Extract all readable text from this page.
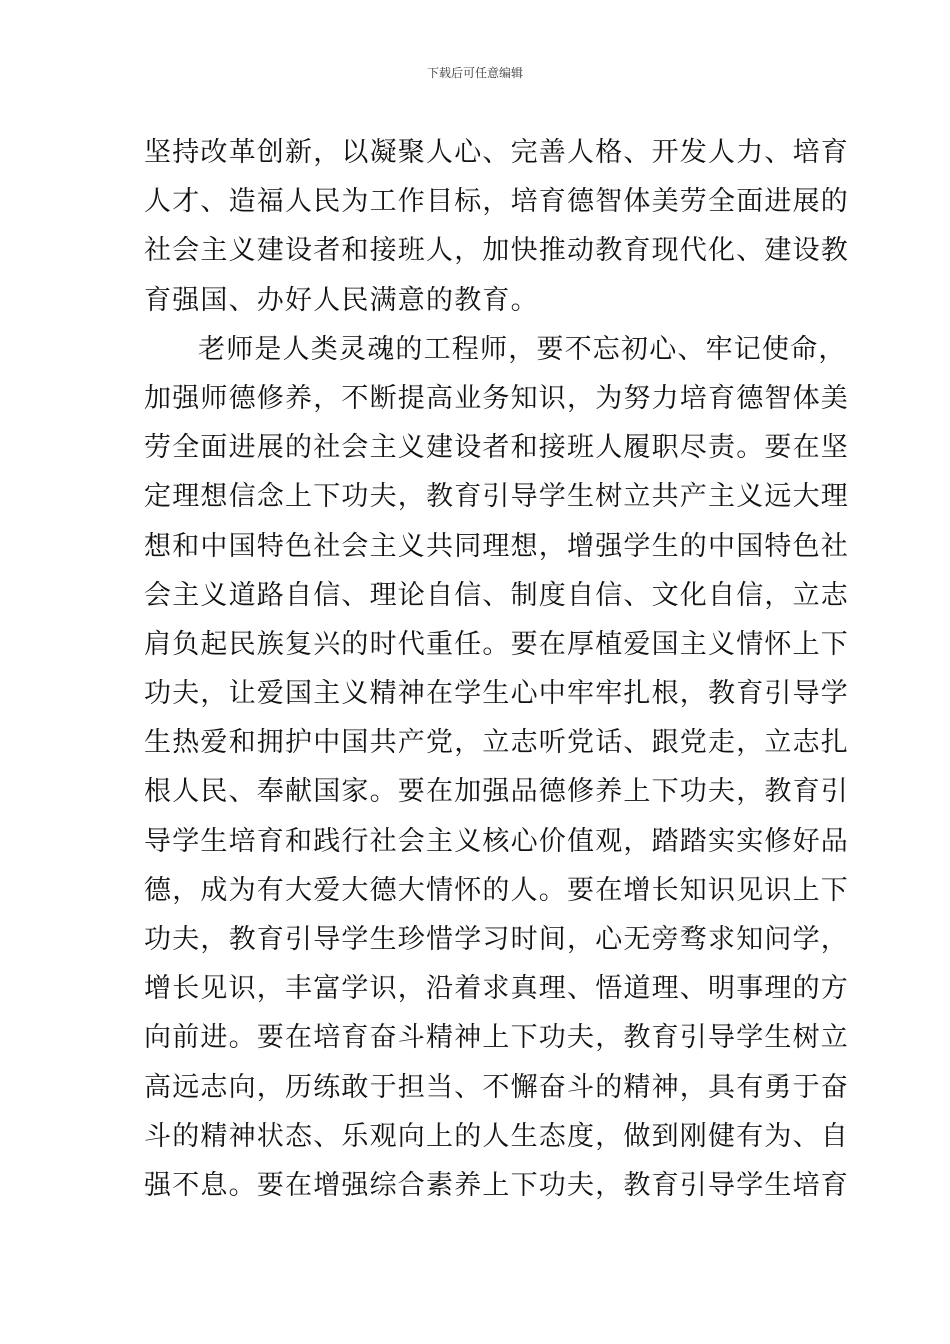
下载后可任意编辑
坚持改革创新，以凝聚人心、完善人格、开发人力、培育
人才、造福人民为工作目标，培育德智体美劳全面进展的
社会主义建设者和接班人，加快推动教育现代化、建设教
育强国、办好人民满意的教育。
老师是人类灵魂的工程师，要不忘初心、牢记使命，
加强师德修养，不断提高业务知识，为努力培育德智体美
劳全面进展的社会主义建设者和接班人履职尽责。要在坚
定理想信念上下功夫，教育引导学生树立共产主义远大理
想和中国特色社会主义共同理想，增强学生的中国特色社
会主义道路自信、理论自信、制度自信、文化自信，立志
肩负起民族复兴的时代重任。要在厚植爱国主义情怀上下
功夫，让爱国主义精神在学生心中牢牢扎根，教育引导学
生热爱和拥护中国共产党，立志听党话、跟党走，立志扎
根人民、奉献国家。要在加强品德修养上下功夫，教育引
导学生培育和践行社会主义核心价值观，踏踏实实修好品
德，成为有大爱大德大情怀的人。要在增长知识见识上下
功夫，教育引导学生珍惜学习时间，心无旁骛求知问学，
增长见识，丰富学识，沿着求真理、悟道理、明事理的方
向前进。要在培育奋斗精神上下功夫，教育引导学生树立
高远志向，历练敢于担当、不懈奋斗的精神，具有勇于奋
斗的精神状态、乐观向上的人生态度，做到刚健有为、自
强不息。要在增强综合素养上下功夫，教育引导学生培育
